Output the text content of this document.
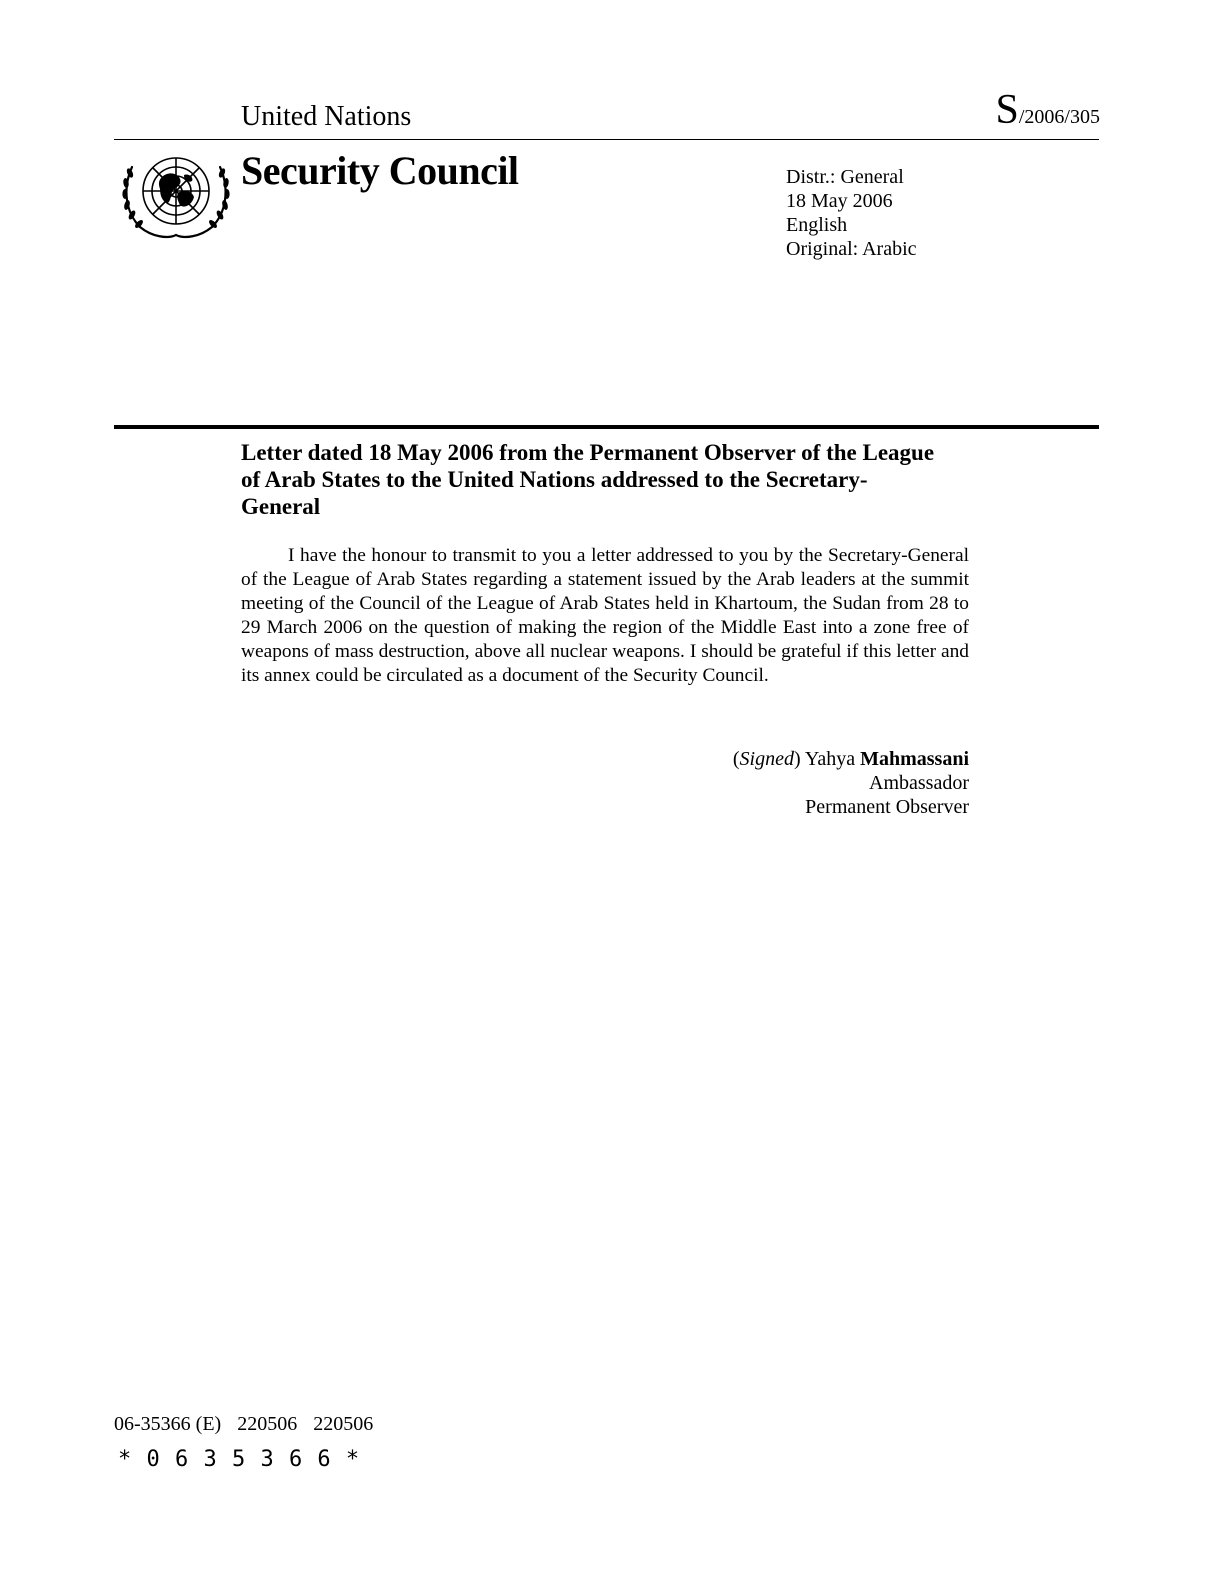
United Nations	S/2006/305
Security Council	Distr.: General
18 May 2006
English
Original: Arabic
Letter dated 18 May 2006 from the Permanent Observer of the League of Arab States to the United Nations addressed to the Secretary-General

I have the honour to transmit to you a letter addressed to you by the Secretary-General of the League of Arab States regarding a statement issued by the Arab leaders at the summit meeting of the Council of the League of Arab States held in Khartoum, the Sudan from 28 to 29 March 2006 on the question of making the region of the Middle East into a zone free of weapons of mass destruction, above all nuclear weapons. I should be grateful if this letter and its annex could be circulated as a document of the Security Council.

(Signed) Yahya Mahmassani
Ambassador
Permanent Observer
06-35366 (E) 220506 220506
* 0 6 3 5 3 6 6 *
